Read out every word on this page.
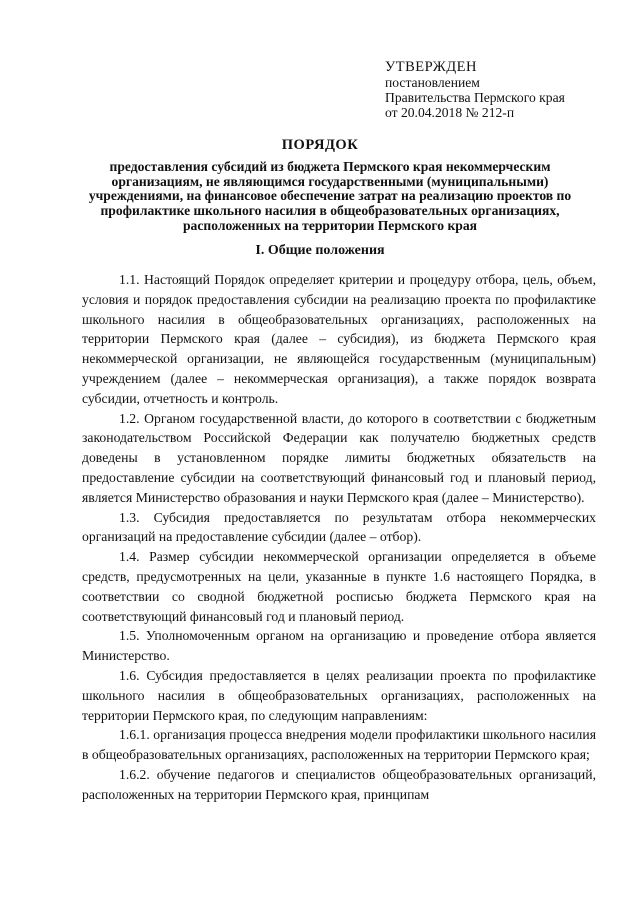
УТВЕРЖДЕН
постановлением
Правительства Пермского края
от 20.04.2018 № 212-п
ПОРЯДОК
предоставления субсидий из бюджета Пермского края некоммерческим организациям, не являющимся государственными (муниципальными) учреждениями, на финансовое обеспечение затрат на реализацию проектов по профилактике школьного насилия в общеобразовательных организациях, расположенных на территории Пермского края
I. Общие положения

1.1. Настоящий Порядок определяет критерии и процедуру отбора, цель, объем, условия и порядок предоставления субсидии на реализацию проекта по профилактике школьного насилия в общеобразовательных организациях, расположенных на территории Пермского края (далее – субсидия), из бюджета Пермского края некоммерческой организации, не являющейся государственным (муниципальным) учреждением (далее – некоммерческая организация), а также порядок возврата субсидии, отчетность и контроль.

1.2. Органом государственной власти, до которого в соответствии с бюджетным законодательством Российской Федерации как получателю бюджетных средств доведены в установленном порядке лимиты бюджетных обязательств на предоставление субсидии на соответствующий финансовый год и плановый период, является Министерство образования и науки Пермского края (далее – Министерство).

1.3. Субсидия предоставляется по результатам отбора некоммерческих организаций на предоставление субсидии (далее – отбор).

1.4. Размер субсидии некоммерческой организации определяется в объеме средств, предусмотренных на цели, указанные в пункте 1.6 настоящего Порядка, в соответствии со сводной бюджетной росписью бюджета Пермского края на соответствующий финансовый год и плановый период.

1.5. Уполномоченным органом на организацию и проведение отбора является Министерство.

1.6. Субсидия предоставляется в целях реализации проекта по профилактике школьного насилия в общеобразовательных организациях, расположенных на территории Пермского края, по следующим направлениям:

1.6.1. организация процесса внедрения модели профилактики школьного насилия в общеобразовательных организациях, расположенных на территории Пермского края;

1.6.2. обучение педагогов и специалистов общеобразовательных организаций, расположенных на территории Пермского края, принципам
